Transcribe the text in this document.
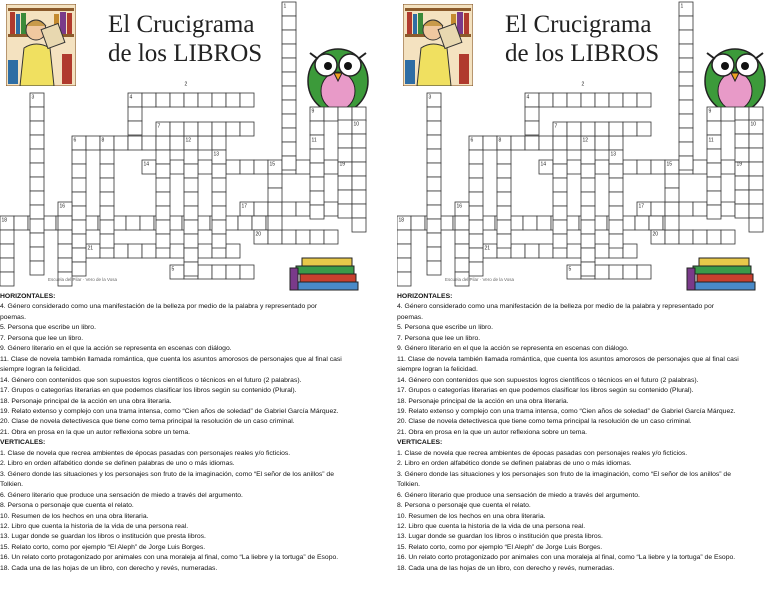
El Crucigrama
de los LIBROS
1
2
3	4
7
6	8
9
10
11
12
13
14	15
16	17
18
19
20
21
5
Escuela del Pilar · Vero de la Vosa

HORIZONTALES:

4. Género considerado como una manifestación de la belleza por medio de la palabra y representado por

poemas.

5. Persona que escribe un libro.

7. Persona que lee un libro.

9. Género literario en el que la acción se representa en escenas con diálogo.

11. Clase de novela también llamada romántica, que cuenta los asuntos amorosos de personajes que al final casi

siempre logran la felicidad.

14. Género con contenidos que son supuestos logros científicos o técnicos en el futuro (2 palabras).

17. Grupos o categorías literarias en que podemos clasificar los libros según su contenido (Plural).

18. Personaje principal de la acción en una obra literaria.

19. Relato extenso y complejo con una trama intensa, como “Cien años de soledad” de Gabriel García Márquez.

20. Clase de novela detectivesca que tiene como tema principal la resolución de un caso criminal.

21. Obra en prosa en la que un autor reflexiona sobre un tema.

VERTICALES:

1. Clase de novela que recrea ambientes de épocas pasadas con personajes reales y/o ficticios.

2. Libro en orden alfabético donde se definen palabras de uno o más idiomas.

3. Género donde las situaciones y los personajes son fruto de la imaginación, como “El señor de los anillos” de

Tolkien.

6. Género literario que produce una sensación de miedo a través del argumento.

8. Persona o personaje que cuenta el relato.

10. Resumen de los hechos en una obra literaria.

12. Libro que cuenta la historia de la vida de una persona real.

13. Lugar donde se guardan los libros o institución que presta libros.

15. Relato corto, como por ejemplo “El Aleph” de Jorge Luis Borges.

16. Un relato corto protagonizado por animales con una moraleja al final, como “La liebre y la tortuga” de Esopo.

18. Cada una de las hojas de un libro, con derecho y revés, numeradas.

El Crucigrama
de los LIBROS
1
2
3	4
7
6	8
9
10
11
12
13
14	15
16	17
18
19
20
21
5
Escuela del Pilar · Vero de la Vosa

HORIZONTALES:

4. Género considerado como una manifestación de la belleza por medio de la palabra y representado por

poemas.

5. Persona que escribe un libro.

7. Persona que lee un libro.

9. Género literario en el que la acción se representa en escenas con diálogo.

11. Clase de novela también llamada romántica, que cuenta los asuntos amorosos de personajes que al final casi

siempre logran la felicidad.

14. Género con contenidos que son supuestos logros científicos o técnicos en el futuro (2 palabras).

17. Grupos o categorías literarias en que podemos clasificar los libros según su contenido (Plural).

18. Personaje principal de la acción en una obra literaria.

19. Relato extenso y complejo con una trama intensa, como “Cien años de soledad” de Gabriel García Márquez.

20. Clase de novela detectivesca que tiene como tema principal la resolución de un caso criminal.

21. Obra en prosa en la que un autor reflexiona sobre un tema.

VERTICALES:

1. Clase de novela que recrea ambientes de épocas pasadas con personajes reales y/o ficticios.

2. Libro en orden alfabético donde se definen palabras de uno o más idiomas.

3. Género donde las situaciones y los personajes son fruto de la imaginación, como “El señor de los anillos” de

Tolkien.

6. Género literario que produce una sensación de miedo a través del argumento.

8. Persona o personaje que cuenta el relato.

10. Resumen de los hechos en una obra literaria.

12. Libro que cuenta la historia de la vida de una persona real.

13. Lugar donde se guardan los libros o institución que presta libros.

15. Relato corto, como por ejemplo “El Aleph” de Jorge Luis Borges.

16. Un relato corto protagonizado por animales con una moraleja al final, como “La liebre y la tortuga” de Esopo.

18. Cada una de las hojas de un libro, con derecho y revés, numeradas.
